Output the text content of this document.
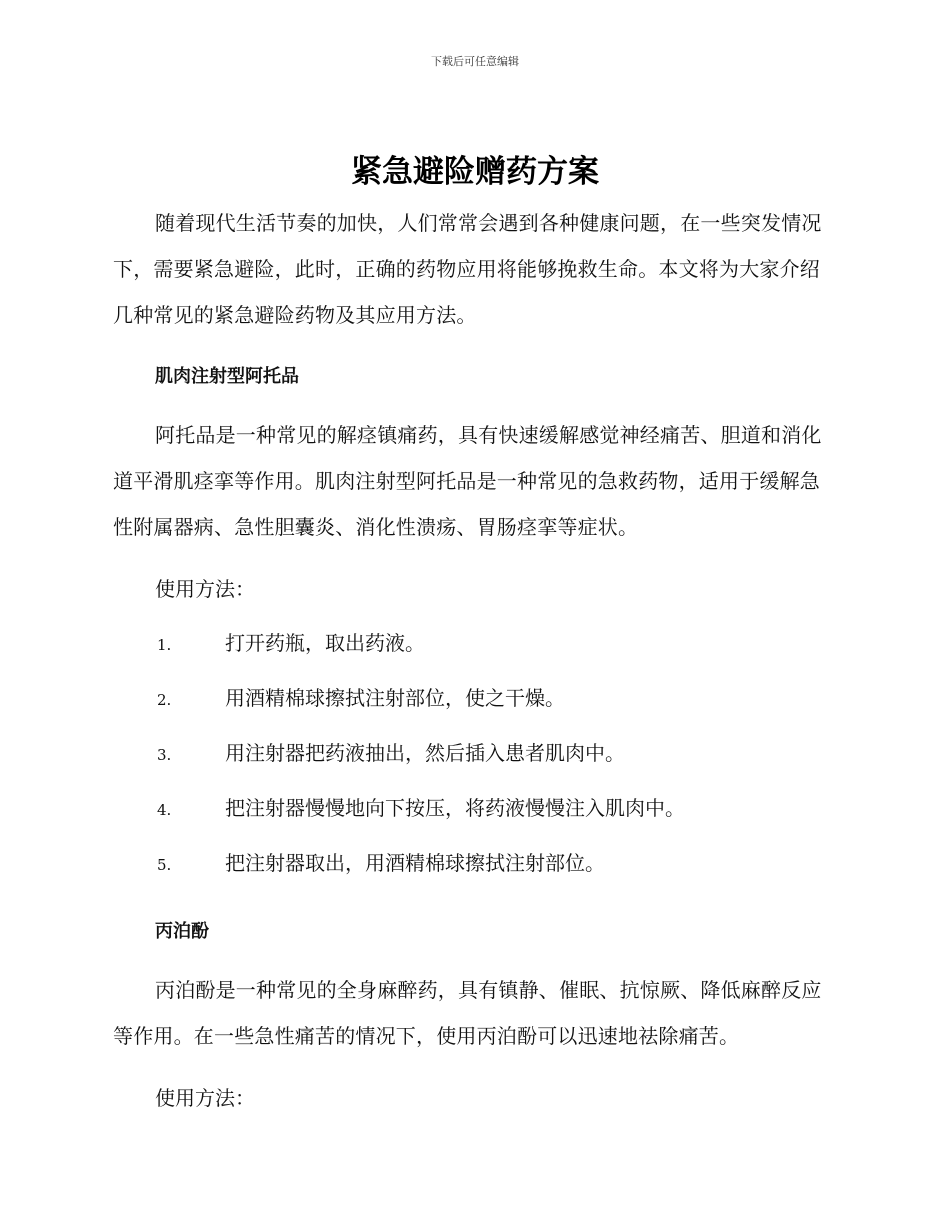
下载后可任意编辑
紧急避险赠药方案

随着现代生活节奏的加快，人们常常会遇到各种健康问题，在一些突发情况下，需要紧急避险，此时，正确的药物应用将能够挽救生命。本文将为大家介绍几种常见的紧急避险药物及其应用方法。

肌肉注射型阿托品

阿托品是一种常见的解痉镇痛药，具有快速缓解感觉神经痛苦、胆道和消化道平滑肌痉挛等作用。肌肉注射型阿托品是一种常见的急救药物，适用于缓解急性附属器病、急性胆囊炎、消化性溃疡、胃肠痉挛等症状。

使用方法：
1.	打开药瓶，取出药液。
2.	用酒精棉球擦拭注射部位，使之干燥。
3.	用注射器把药液抽出，然后插入患者肌肉中。
4.	把注射器慢慢地向下按压，将药液慢慢注入肌肉中。
5.	把注射器取出，用酒精棉球擦拭注射部位。
丙泊酚

丙泊酚是一种常见的全身麻醉药，具有镇静、催眠、抗惊厥、降低麻醉反应等作用。在一些急性痛苦的情况下，使用丙泊酚可以迅速地祛除痛苦。

使用方法：
